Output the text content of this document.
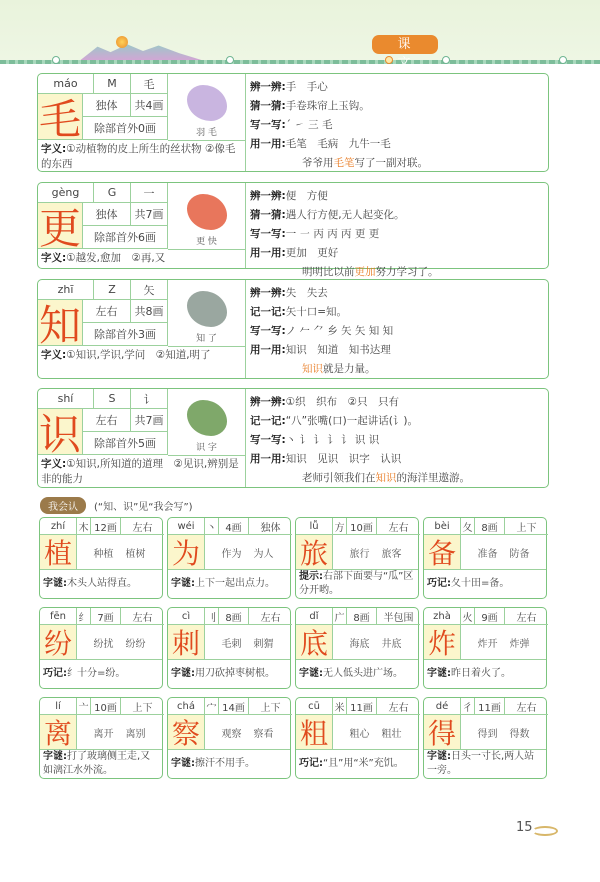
课 文
máo	M	毛
毛	独体	共4画
除部首外0画	羽 毛
字义:①动植物的皮上所生的丝状物 ②像毛的东西
辨一辨:手　手心
猜一猜:手卷珠帘上玉钩。
写一写:ˊ ㇀ 三 毛
用一用:毛笔　毛病　九牛一毛
爷爷用毛笔写了一副对联。
gèng	G	一
更	独体	共7画
除部首外6画	更 快
字义:①越发,愈加　②再,又
辨一辨:便　方便
猜一猜:遇人行方便,无人起变化。
写一写:一 ㇐ 丙 丙 丙 更 更
用一用:更加　更好
明明比以前更加努力学习了。
zhī	Z	矢
知	左右	共8画
除部首外3画	知 了
字义:①知识,学识,学问　②知道,明了
辨一辨:失　失去
记一记:矢十口=知。
写一写:ノ 𠂉 ⺈ 乡 矢 矢 知 知
用一用:知识　知道　知书达理
知识就是力量。
shí	S	讠
识	左右	共7画
除部首外5画	识 字
字义:①知识,所知道的道理　②见识,辨别是非的能力
辨一辨:①织　织布　②只　只有
记一记:“八”张嘴(口)一起讲话(讠)。
写一写:丶 讠 讠 讠 讠 识 识
用一用:知识　见识　识字　认识
老师引领我们在知识的海洋里遨游。
我会认	(“知、识”见“我会写”)
zhí	木 12画	左右
植	种植 植树
字谜:木头人站得直。
wéi	丶 4画	独体
为	作为 为人
字谜:上下一起出点力。
lǚ	方 10画	左右
旅	旅行 旅客
提示:右部下面要与“瓜”区分开哟。
bèi	夂 8画	上下
备	准备 防备
巧记:夂十田=备。
fēn	纟 7画	左右
纷	纷扰 纷纷
巧记:纟十分=纷。
cì	刂 8画	左右
刺	毛刺 刺猬
字谜:用刀砍掉枣树根。
dǐ	广 8画	半包围
底	海底 井底
字谜:无人低头进广场。
zhà	火 9画	左右
炸	炸开 炸弹
字谜:昨日着火了。
lí	亠 10画	上下
离	离开 离别
字谜:打了玻璃侧王走,又如漓江水外流。
chá	宀 14画	上下
察	观察 察看
字谜:擦汗不用手。
cū	米 11画	左右
粗	粗心 粗壮
巧记:“且”用“米”充饥。
dé	彳 11画	左右
得	得到 得数
字谜:日头一寸长,两人站一旁。
15
